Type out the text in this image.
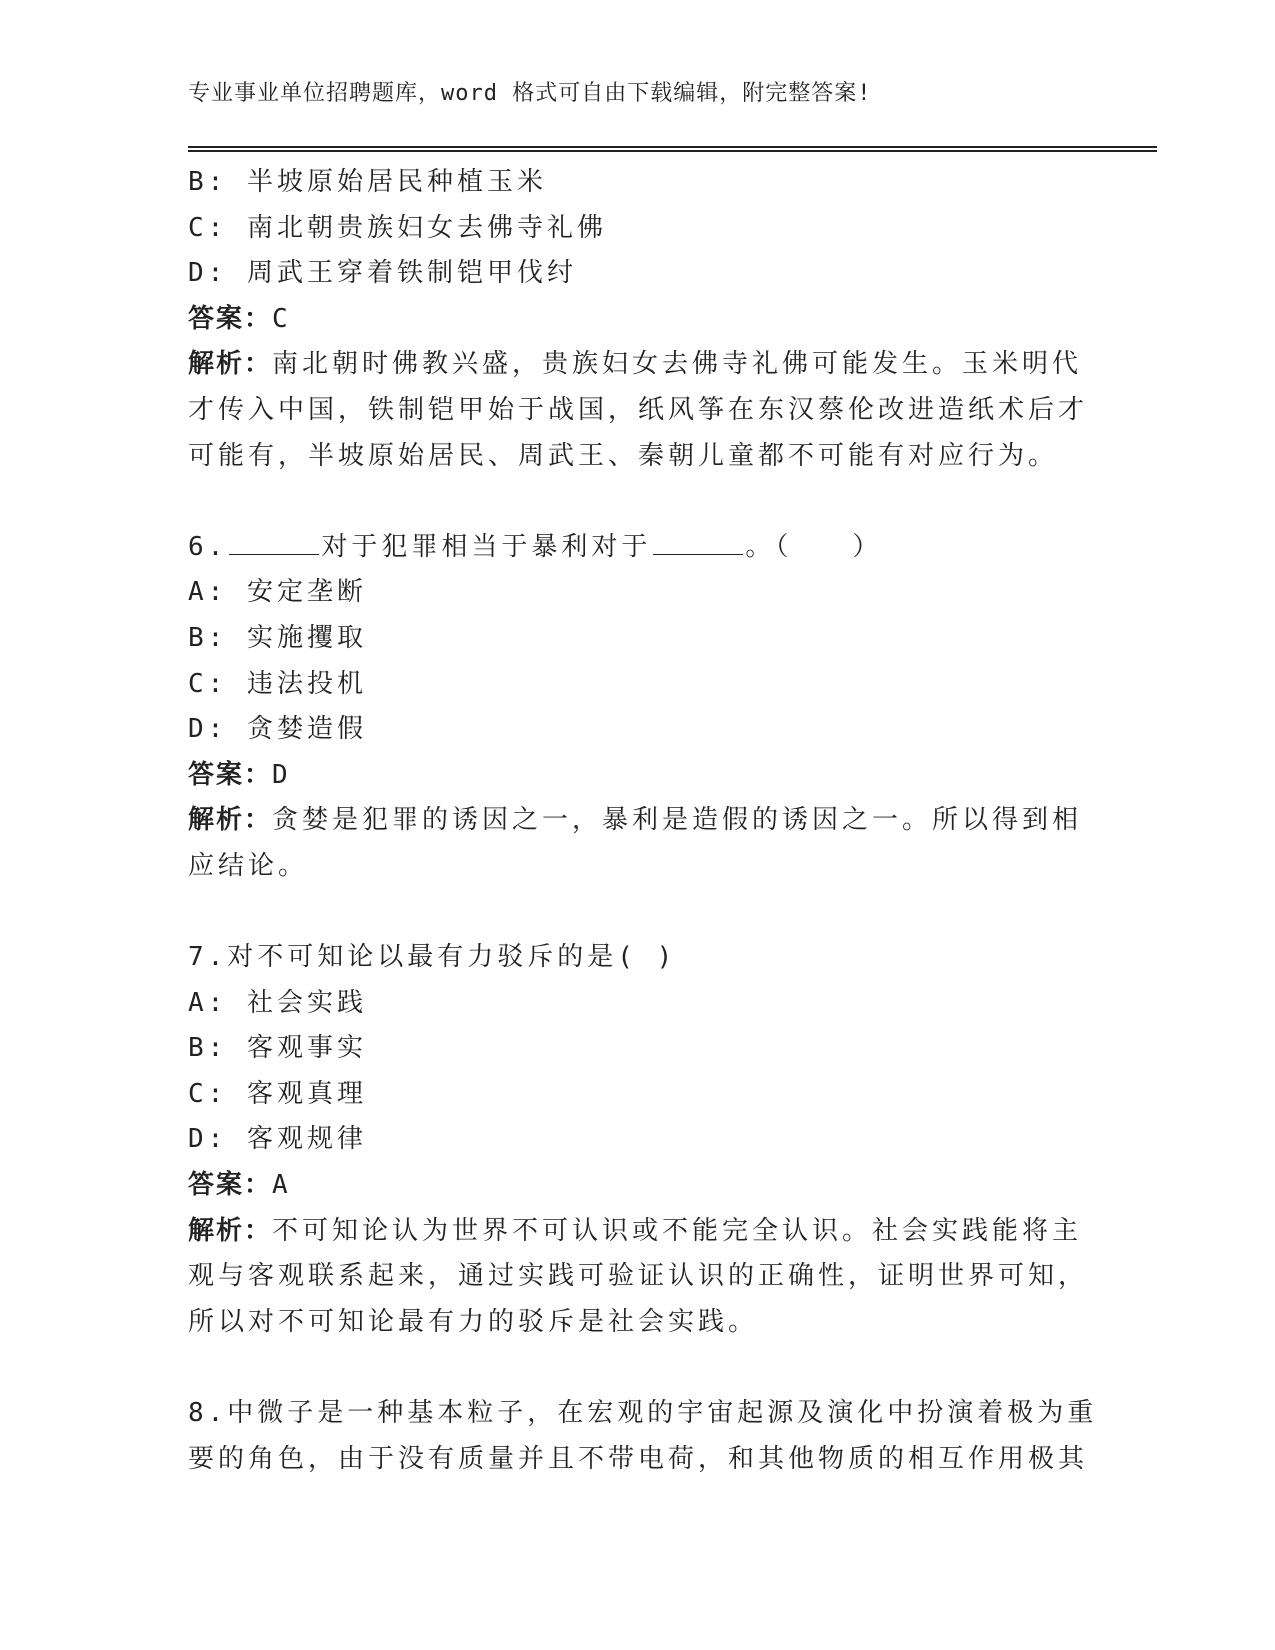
专业事业单位招聘题库，word 格式可自由下载编辑，附完整答案!
B: 半坡原始居民种植玉米
C: 南北朝贵族妇女去佛寺礼佛
D: 周武王穿着铁制铠甲伐纣
答案：C
解析：南北朝时佛教兴盛，贵族妇女去佛寺礼佛可能发生。玉米明代
才传入中国，铁制铠甲始于战国，纸风筝在东汉蔡伦改进造纸术后才
可能有，半坡原始居民、周武王、秦朝儿童都不可能有对应行为。
6.	对于犯罪相当于暴利对于	。（　　）
A: 安定垄断
B: 实施攫取
C: 违法投机
D: 贪婪造假
答案：D
解析：贪婪是犯罪的诱因之一，暴利是造假的诱因之一。所以得到相
应结论。
7.对不可知论以最有力驳斥的是( )
A: 社会实践
B: 客观事实
C: 客观真理
D: 客观规律
答案：A
解析：不可知论认为世界不可认识或不能完全认识。社会实践能将主
观与客观联系起来，通过实践可验证认识的正确性，证明世界可知，
所以对不可知论最有力的驳斥是社会实践。
8.中微子是一种基本粒子，在宏观的宇宙起源及演化中扮演着极为重
要的角色，由于没有质量并且不带电荷，和其他物质的相互作用极其
